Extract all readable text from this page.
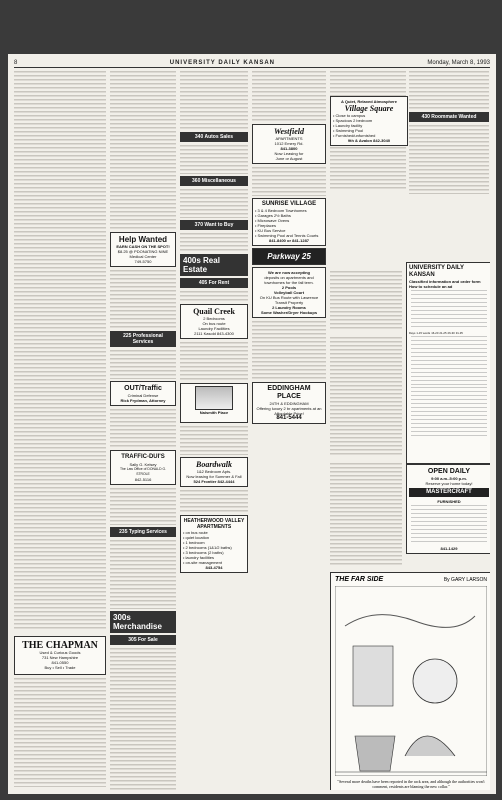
8	UNIVERSITY DAILY KANSAN	Monday, March 8, 1993
THE CHAPMAN
Used & Curious Goods
731 New Hampshire
841-0550
Buy • Sell • Trade
Help Wanted
EARN CASH ON THE SPOT!
$8.25 @ PDONATING NINE
Medical Center
749-5750
225 Professional Services
OUT/Traffic
Criminal Defense
Rick Frydman, Attorney
TRAFFIC-DUI'S
Sally G. Kelsey
The Law Office of DONALD G. STROLE
842-5116
235 Typing Services
300s Merchandise
305 For Sale
340 Autos Sales
360 Miscellaneous
370 Want to Buy
400s Real Estate
405 For Rent
Quail Creek
2 Bedrooms
On bus route
Laundry Facilities
2111 Kasold 843-4300
Naismith Place
Boardwalk
1&2 Bedroom Apts.
Now leasing for Summer & Fall
524 Frontier 842-4444
HEATHERWOOD VALLEY APARTMENTS
• on bus route
• quiet location
• 1 bedroom
• 2 bedrooms (1&1/2 baths)
• 3 bedrooms (2 baths)
• laundry facilities
• on-site management
843-4754
Westfield
APARTMENTS
1012 Emery Rd.
841-3800
Now Leasing for
June or August
SUNRISE VILLAGE
• 3 & 4 Bedroom Townhomes
• Garages 2½ Baths
• Microwave Ovens
• Fireplaces
• KU Bus Service
• Swimming Pool and Tennis Courts
841-8400 or 841-1287
Parkway 25
We are now accepting
deposits on apartments and townhomes for the fall term.
2 Pools
Volleyball Court
On KU Bus Route with Lawrence Transit Property
2 Laundry Rooms
Some Washer/Dryer Hookups
EDDINGHAM PLACE
24TH & EDDINGHAM
Offering luxury 2 br apartments at an Affordable Price!
841-5444
430 Roommate Wanted
A Quiet, Relaxed Atmosphere
Village Square
• Close to campus
• Spacious 2 bedroom
• Laundry facility
• Swimming Pool
• Furnished/unfurnished
9th & Avalon 842-3040
UNIVERSITY DAILY KANSAN
Classified information and order form
How to schedule an ad
Days 1-15 words 16-20 21-25 26-30 31-35
OPEN DAILY
9:00 a.m.-5:00 p.m.
Reserve your home today!
MASTERCRAFT
FURNISHED
841-1429
THE FAR SIDE	By GARY LARSON
"Several more deaths have been reported in the rack area, and although the authorities won't comment, residents are blaming the new collar."
